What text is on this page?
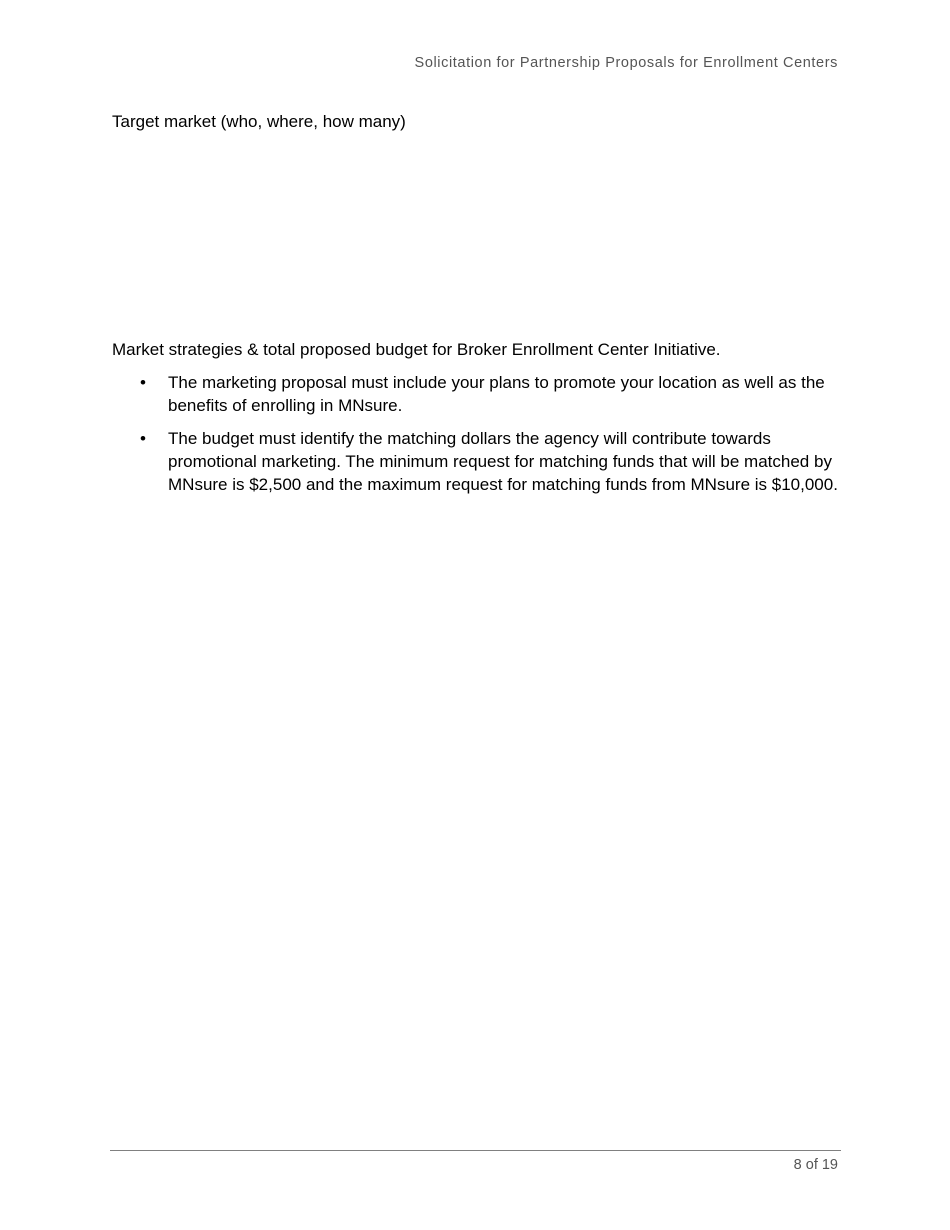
Solicitation for Partnership Proposals for Enrollment Centers
Target market (who, where, how many)
Market strategies & total proposed budget for Broker Enrollment Center Initiative.
• The marketing proposal must include your plans to promote your location as well as the benefits of enrolling in MNsure.
• The budget must identify the matching dollars the agency will contribute towards promotional marketing. The minimum request for matching funds that will be matched by MNsure is $2,500 and the maximum request for matching funds from MNsure is $10,000.
8 of 19
